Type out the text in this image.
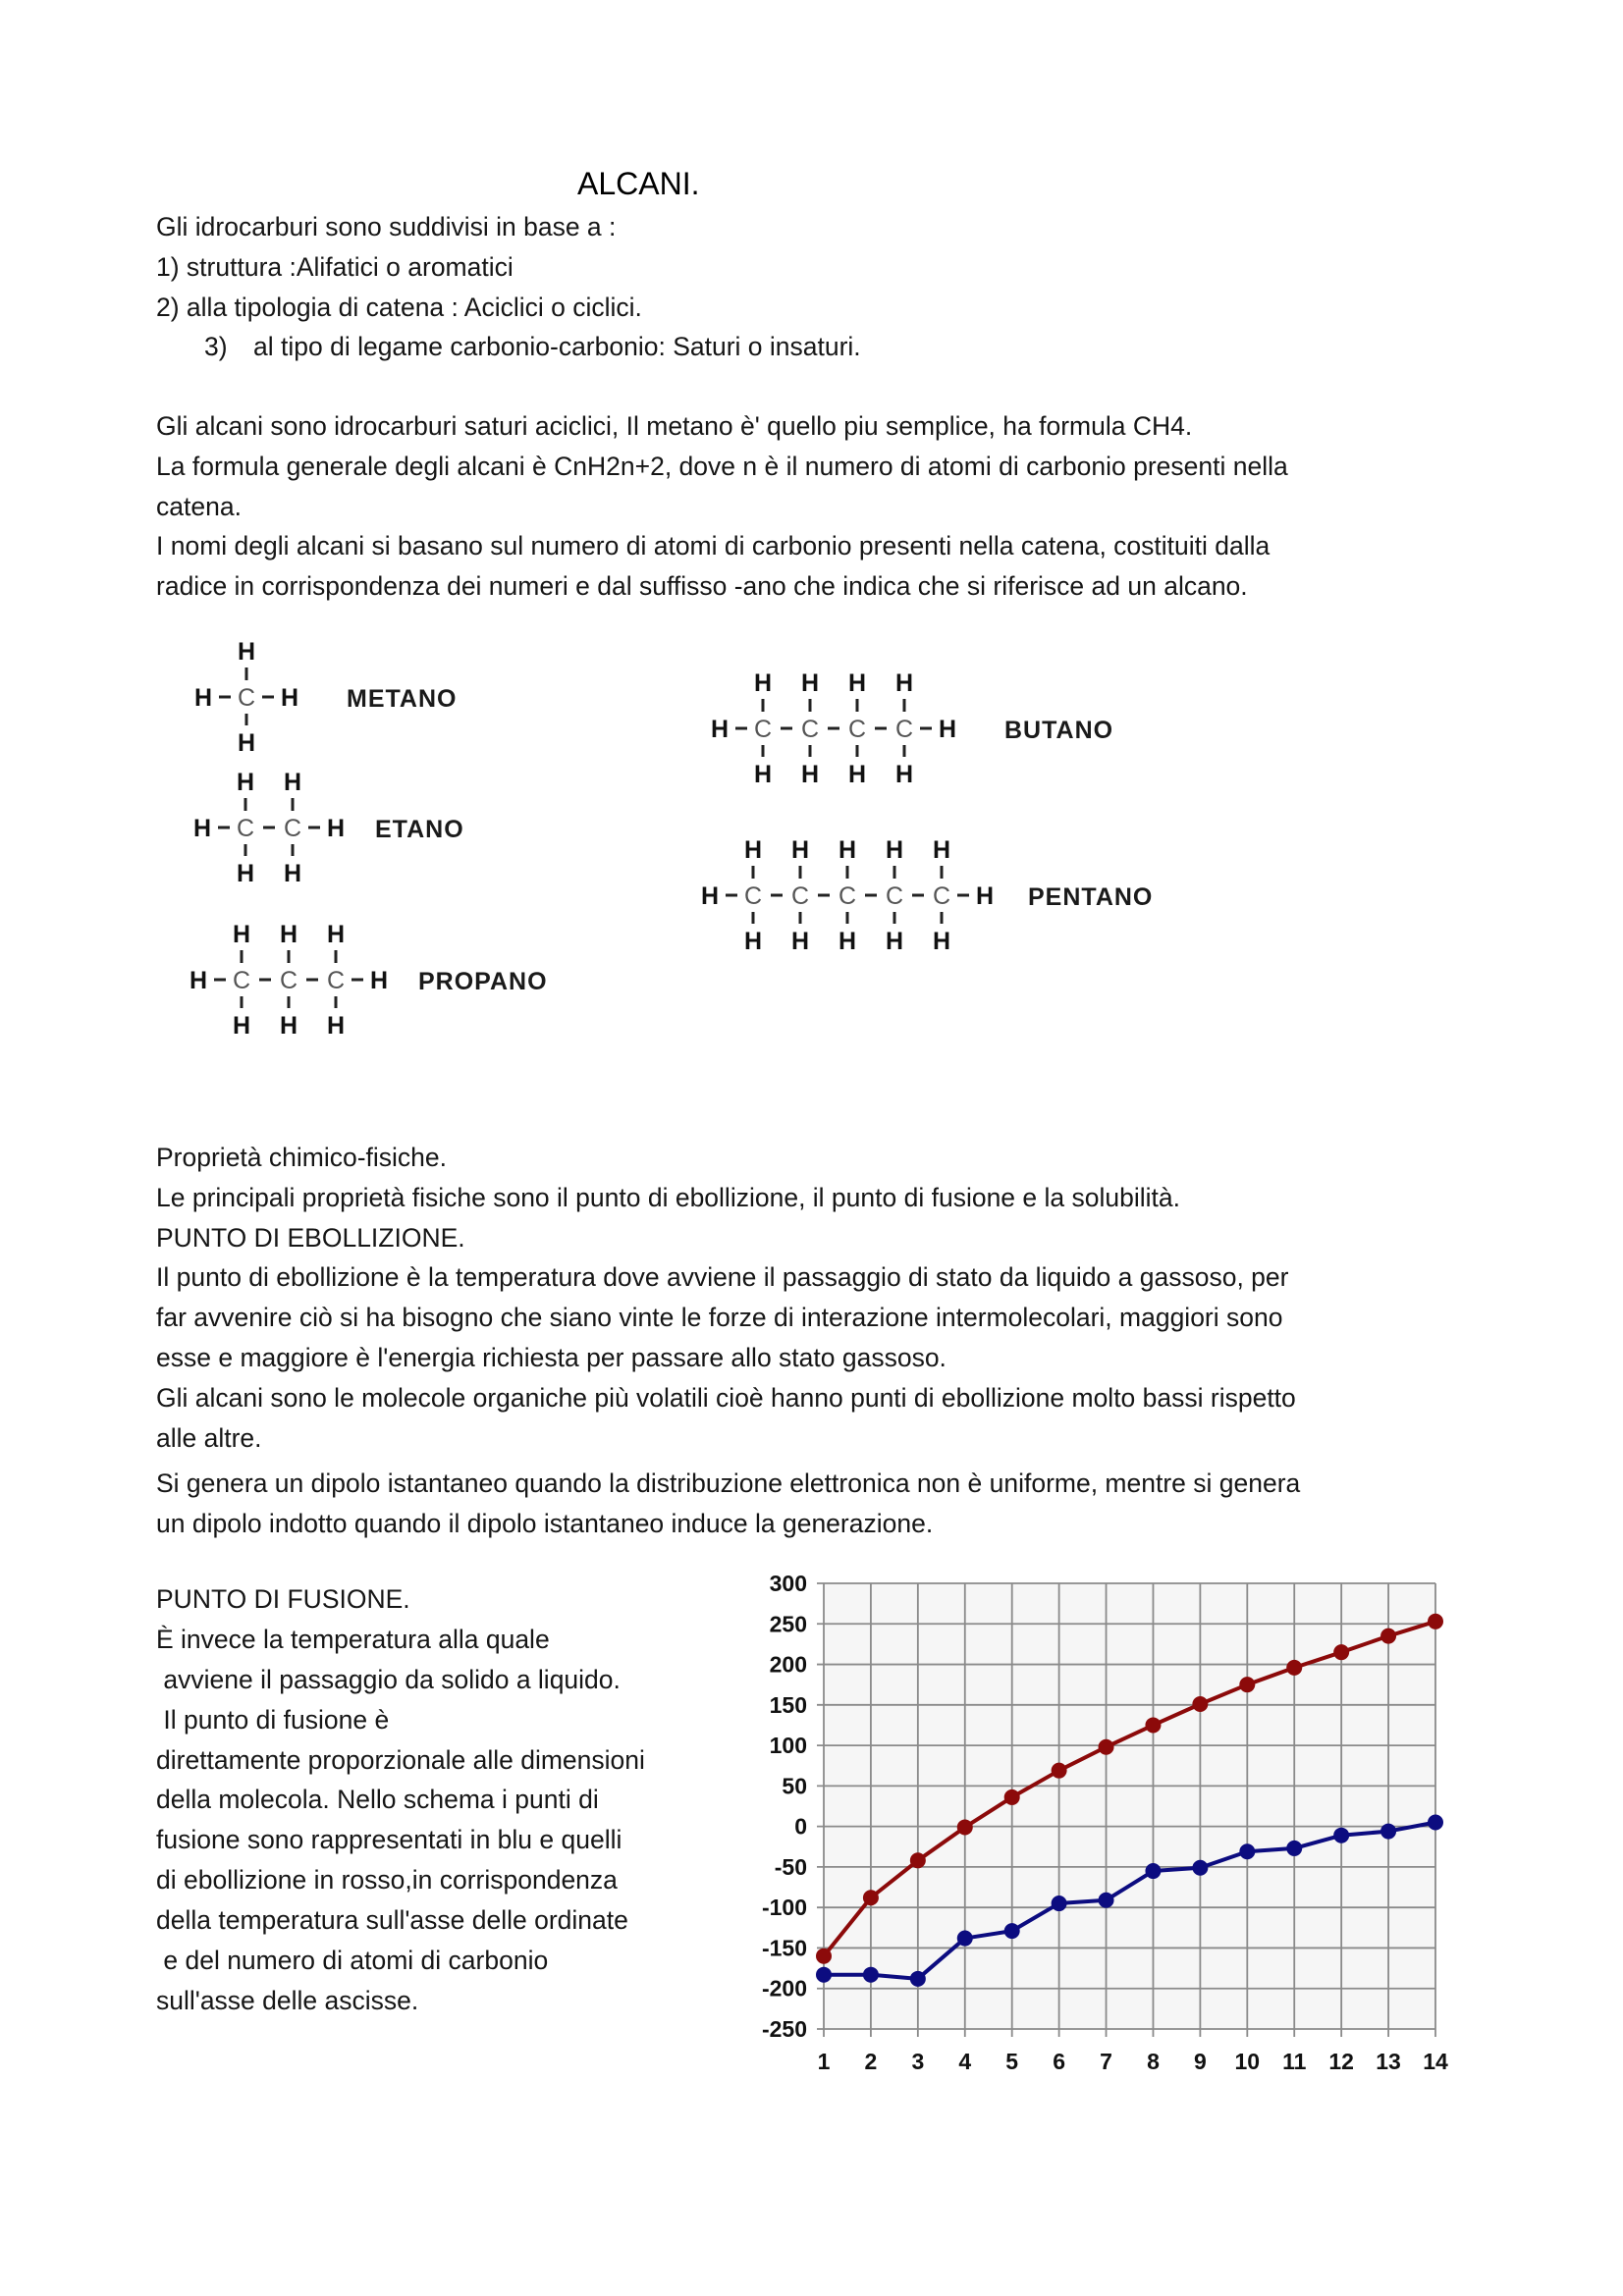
ALCANI.
Gli idrocarburi sono suddivisi in base a :
1) struttura :Alifatici o aromatici
2) alla tipologia di catena : Aciclici o ciclici.
3) al tipo di legame carbonio-carbonio: Saturi o insaturi.
Gli alcani sono idrocarburi saturi aciclici, Il metano è' quello piu semplice, ha formula CH4.
La formula generale degli alcani è CnH2n+2, dove n è il numero di atomi di carbonio presenti nella
catena.
I nomi degli alcani si basano sul numero di atomi di carbonio presenti nella catena, costituiti dalla
radice in corrispondenza dei numeri e dal suffisso -ano che indica che si riferisce ad un alcano.
H C
H
H
H METANO
H C
H
H
C
H
H
H ETANO
H C
H
H
C
H
H
C
H
H
H PROPANO
H C
H
H
C
H
H
C
H
H
C
H
H
H BUTANO
H C
H
H
C
H
H
C
H
H
C
H
H
C
H
H
H PENTANO
Proprietà chimico-fisiche.
Le principali proprietà fisiche sono il punto di ebollizione, il punto di fusione e la solubilità.
PUNTO DI EBOLLIZIONE.
Il punto di ebollizione è la temperatura dove avviene il passaggio di stato da liquido a gassoso, per
far avvenire ciò si ha bisogno che siano vinte le forze di interazione intermolecolari, maggiori sono
esse e maggiore è l'energia richiesta per passare allo stato gassoso.
Gli alcani sono le molecole organiche più volatili cioè hanno punti di ebollizione molto bassi rispetto
alle altre.
Si genera un dipolo istantaneo quando la distribuzione elettronica non è uniforme, mentre si genera
un dipolo indotto quando il dipolo istantaneo induce la generazione.
PUNTO DI FUSIONE.
È invece la temperatura alla quale
avviene il passaggio da solido a liquido.
Il punto di fusione è
direttamente proporzionale alle dimensioni
della molecola. Nello schema i punti di
fusione sono rappresentati in blu e quelli
di ebollizione in rosso,in corrispondenza
della temperatura sull'asse delle ordinate
e del numero di atomi di carbonio
sull'asse delle ascisse.
300
250
200
150
100
50
0
-50
-100
-150
-200
-250
1 2 3 4 5 6 7 8 9 10 11 12 13 14
